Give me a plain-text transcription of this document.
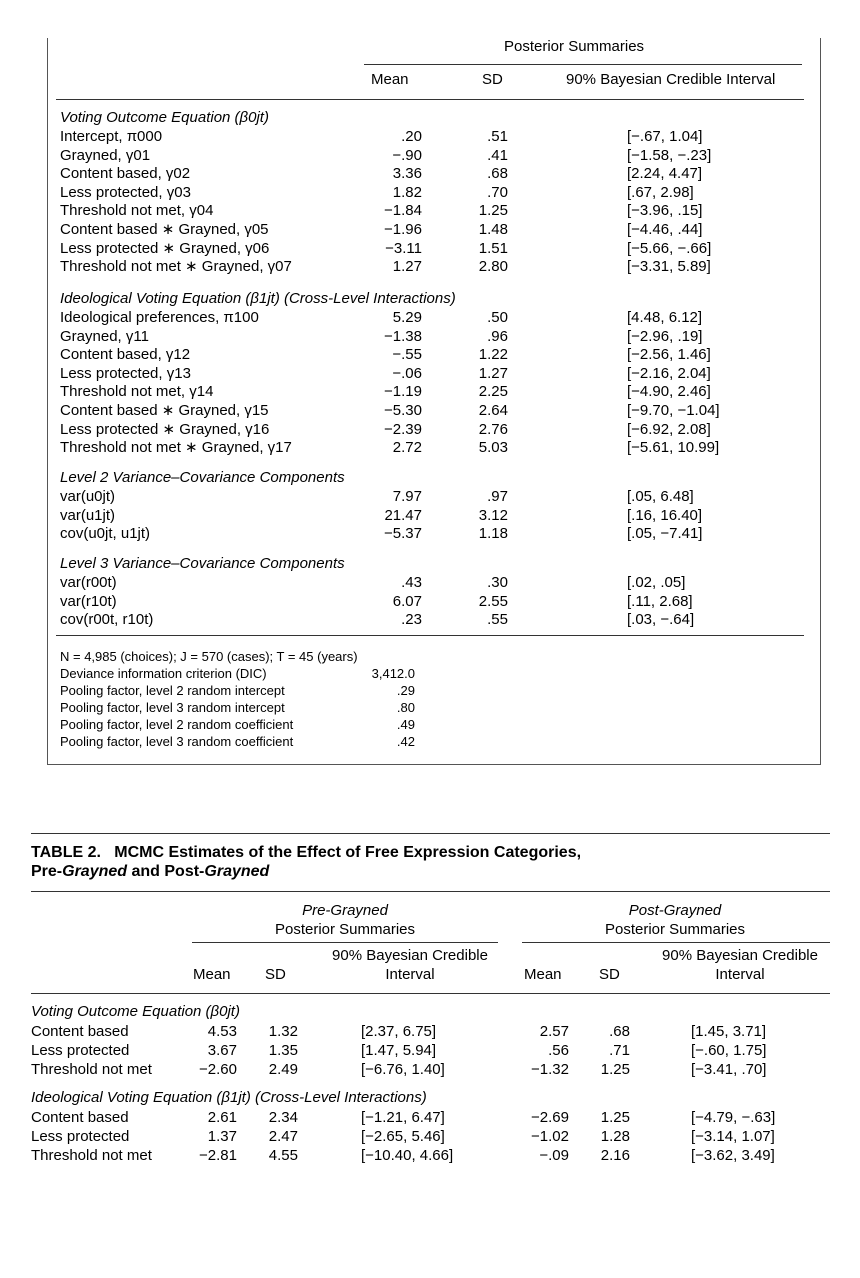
Posterior Summaries
Mean	SD	90% Bayesian Credible Interval
Voting Outcome Equation (β0jt)
Intercept, π000	.20	.51	[−.67, 1.04]
Grayned, γ01	−.90	.41	[−1.58, −.23]
Content based, γ02	3.36	.68	[2.24, 4.47]
Less protected, γ03	1.82	.70	[.67, 2.98]
Threshold not met, γ04	−1.84	1.25	[−3.96, .15]
Content based ∗ Grayned, γ05	−1.96	1.48	[−4.46, .44]
Less protected ∗ Grayned, γ06	−3.11	1.51	[−5.66, −.66]
Threshold not met ∗ Grayned, γ07	1.27	2.80	[−3.31, 5.89]
Ideological Voting Equation (β1jt) (Cross-Level Interactions)
Ideological preferences, π100	5.29	.50	[4.48, 6.12]
Grayned, γ11	−1.38	.96	[−2.96, .19]
Content based, γ12	−.55	1.22	[−2.56, 1.46]
Less protected, γ13	−.06	1.27	[−2.16, 2.04]
Threshold not met, γ14	−1.19	2.25	[−4.90, 2.46]
Content based ∗ Grayned, γ15	−5.30	2.64	[−9.70, −1.04]
Less protected ∗ Grayned, γ16	−2.39	2.76	[−6.92, 2.08]
Threshold not met ∗ Grayned, γ17	2.72	5.03	[−5.61, 10.99]
Level 2 Variance–Covariance Components
var(u0jt)	7.97	.97	[.05, 6.48]
var(u1jt)	21.47	3.12	[.16, 16.40]
cov(u0jt, u1jt)	−5.37	1.18	[.05, −7.41]
Level 3 Variance–Covariance Components
var(r00t)	.43	.30	[.02, .05]
var(r10t)	6.07	2.55	[.11, 2.68]
cov(r00t, r10t)	.23	.55	[.03, −.64]
N = 4,985 (choices); J = 570 (cases); T = 45 (years)
Deviance information criterion (DIC)	3,412.0
Pooling factor, level 2 random intercept	.29
Pooling factor, level 3 random intercept	.80
Pooling factor, level 2 random coefficient	.49
Pooling factor, level 3 random coefficient	.42
TABLE 2.   MCMC Estimates of the Effect of Free Expression Categories,
Pre-Grayned and Post-Grayned
Pre-Grayned
Posterior Summaries
Post-Grayned
Posterior Summaries
Mean SD
90% Bayesian Credible
Interval	Mean SD
90% Bayesian Credible
Interval
Voting Outcome Equation (β0jt)
Content based	4.53 1.32	[2.37, 6.75]	2.57	.68	[1.45, 3.71]
Less protected	3.67 1.35	[1.47, 5.94]	.56	.71	[−.60, 1.75]
Threshold not met	−2.60 2.49	[−6.76, 1.40]	−1.32 1.25	[−3.41, .70]
Ideological Voting Equation (β1jt) (Cross-Level Interactions)
Content based	2.61 2.34	[−1.21, 6.47]	−2.69 1.25	[−4.79, −.63]
Less protected	1.37 2.47	[−2.65, 5.46]	−1.02 1.28	[−3.14, 1.07]
Threshold not met	−2.81 4.55	[−10.40, 4.66]	−.09 2.16	[−3.62, 3.49]
